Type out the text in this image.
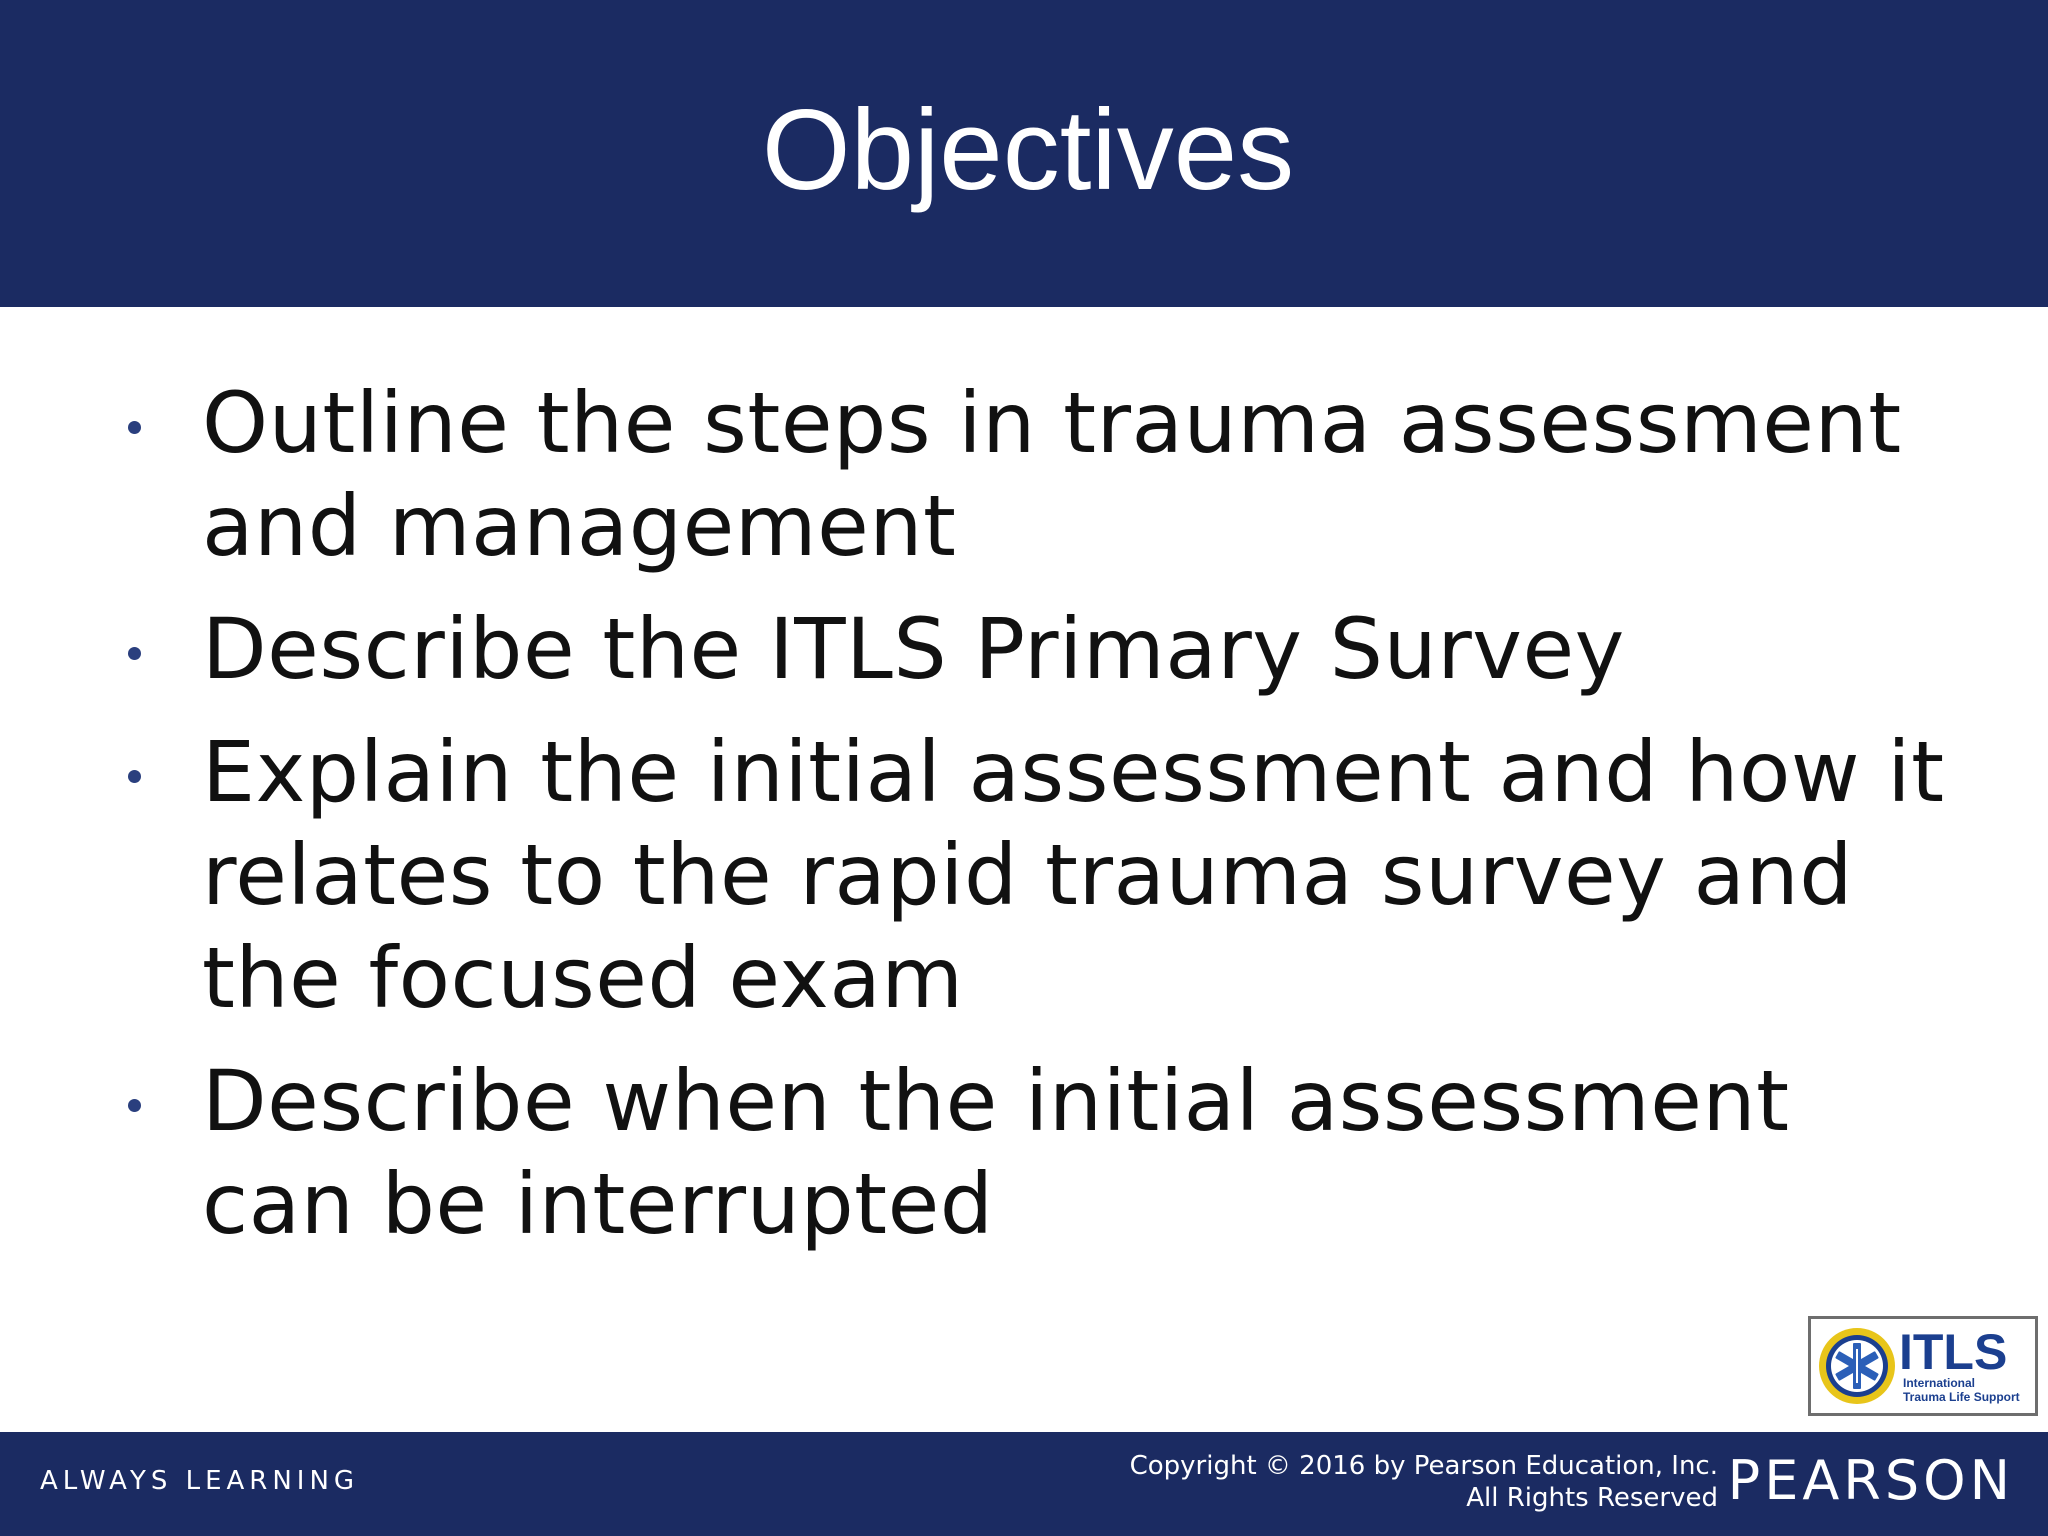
Objectives
Outline the steps in trauma assessment
and management
Describe the ITLS Primary Survey
Explain the initial assessment and how it
relates to the rapid trauma survey and
the focused exam
Describe when the initial assessment
can be interrupted
ITLS
International
Trauma Life Support
ALWAYS LEARNING	Copyright © 2016 by Pearson Education, Inc.
All Rights Reserved PEARSON
